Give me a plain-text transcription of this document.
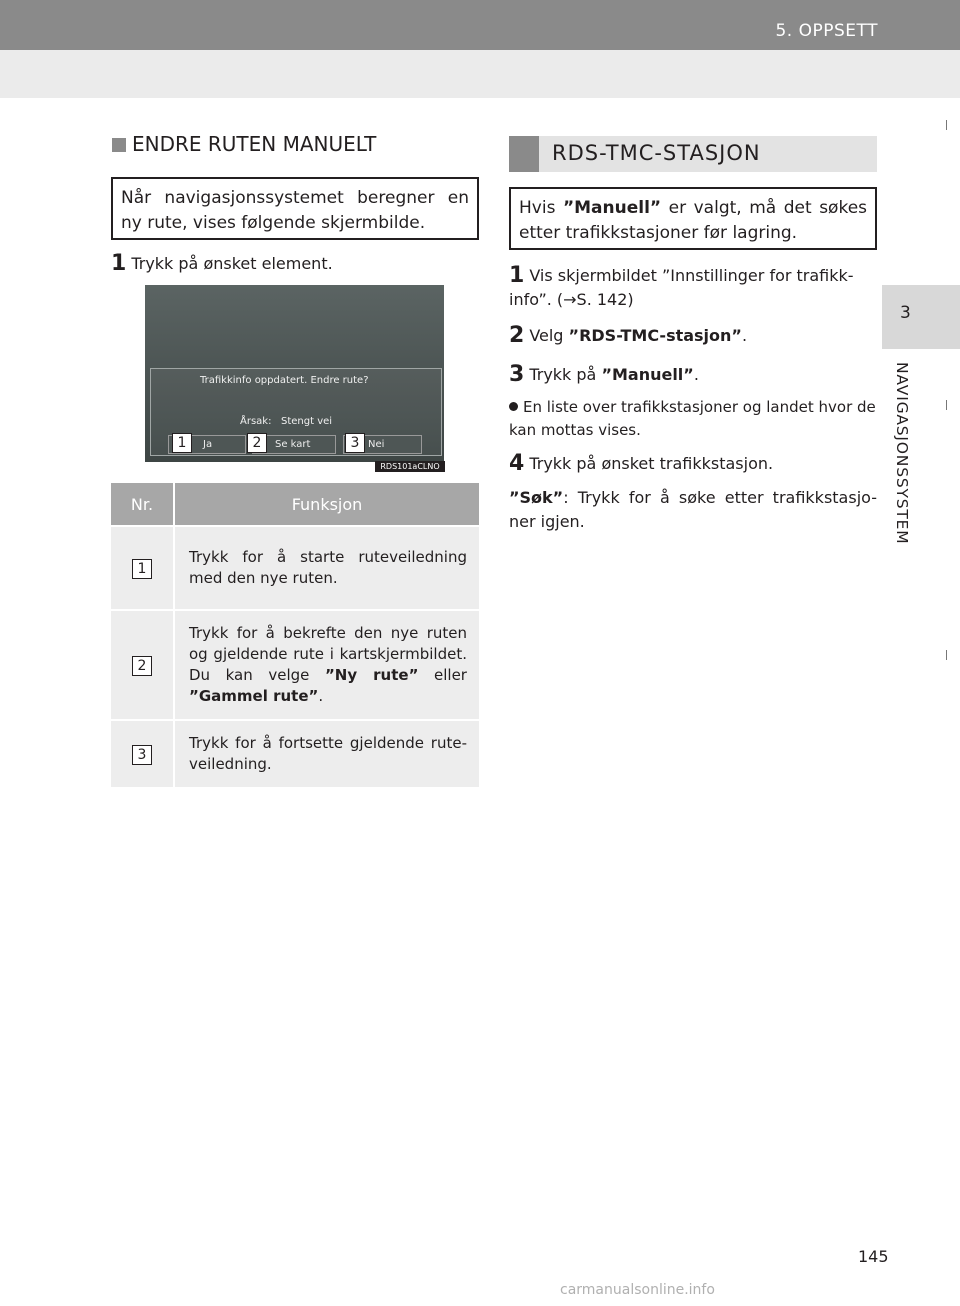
5. OPPSETT
3
NAVIGASJONSSYSTEM
ENDRE RUTEN MANUELT
Når navigasjonssystemet beregner en ny rute, vises følgende skjermbilde.
1 Trykk på ønsket element.
Trafikkinfo oppdatert. Endre rute?
Årsak: Stengt vei
Ja	Se kart	Nei
1	2	3
RDS101aCLNO
Nr.	Funksjon
1	Trykk for å starte ruteveiledning med den nye ruten.
2	Trykk for å bekrefte den nye ruten og gjeldende rute i kartskjermbildet. Du kan velge ”Ny rute” eller ”Gammel rute”.
3	Trykk for å fortsette gjeldende rute-veiledning.
RDS-TMC-STASJON
Hvis ”Manuell” er valgt, må det søkes etter trafikkstasjoner før lagring.
1 Vis skjermbildet ”Innstillinger for trafikk-info”. (→S. 142)
2 Velg ”RDS-TMC-stasjon”.
3 Trykk på ”Manuell”.
En liste over trafikkstasjoner og landet hvor de kan mottas vises.
4 Trykk på ønsket trafikkstasjon.
”Søk”: Trykk for å søke etter trafikkstasjo-ner igjen.
145
carmanualsonline.info
